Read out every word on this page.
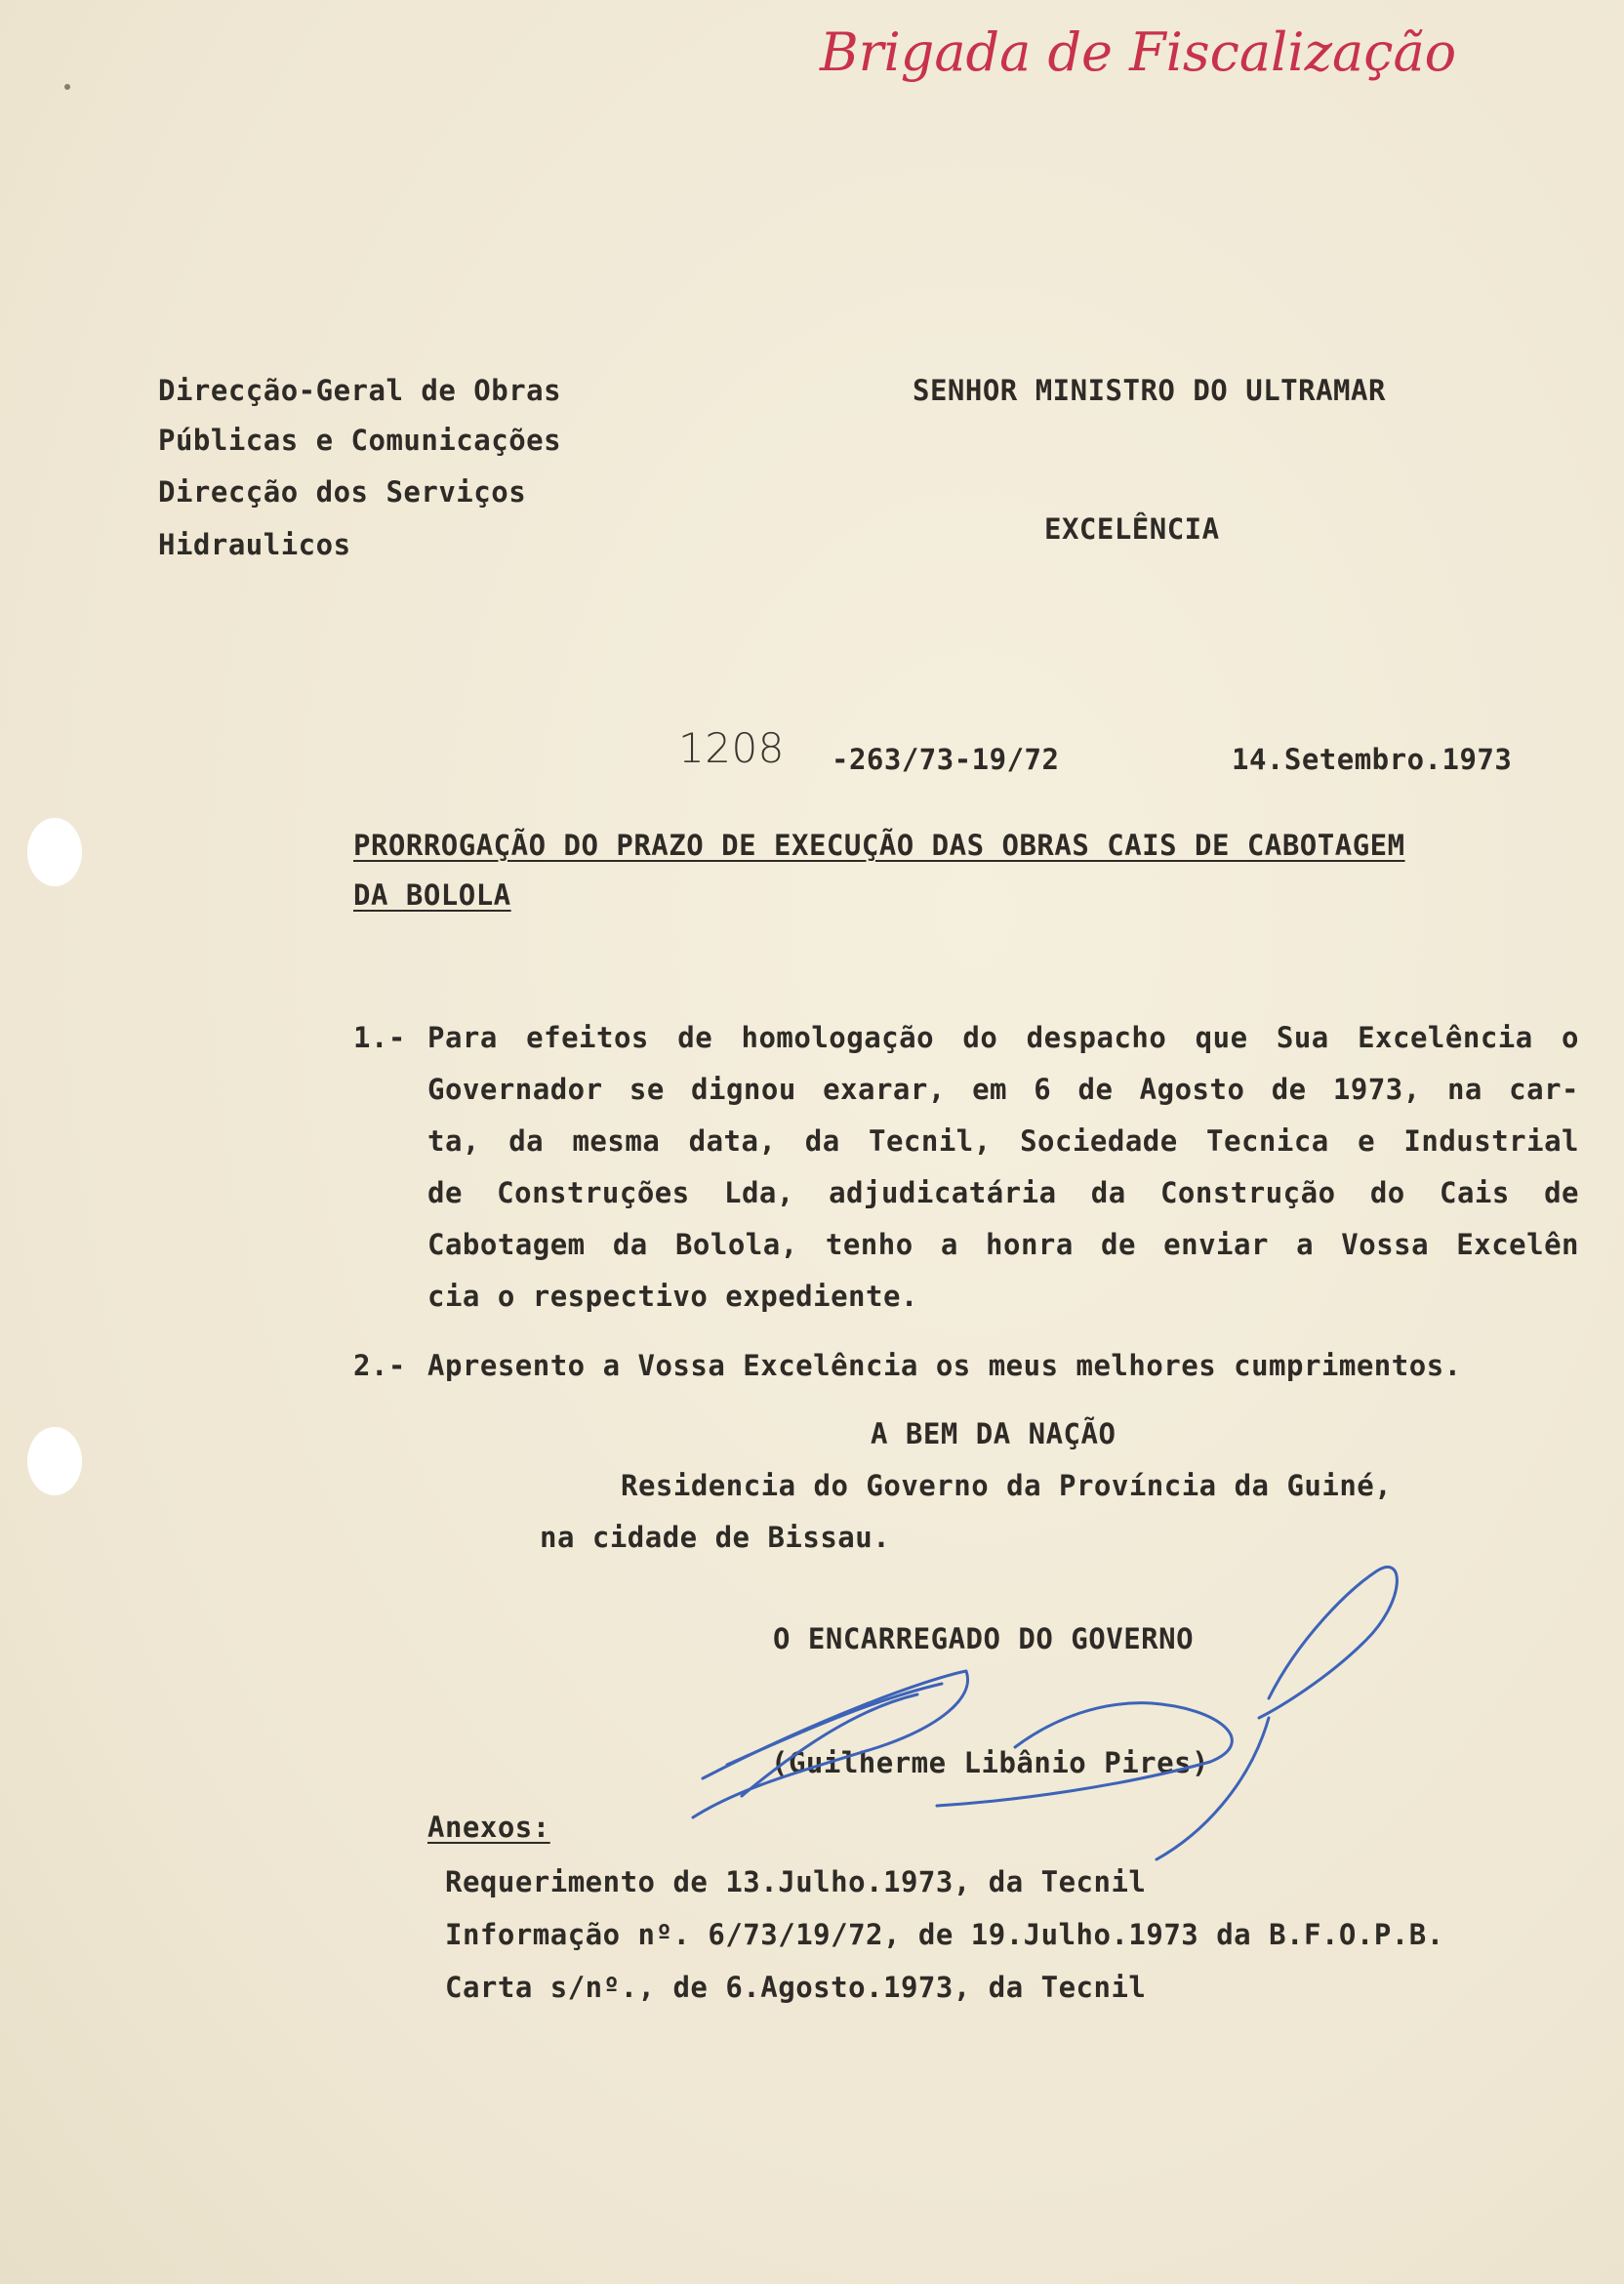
Brigada de Fiscalização
Direcção-Geral de Obras
Públicas e Comunicações
Direcção dos Serviços
Hidraulicos
SENHOR MINISTRO DO ULTRAMAR
EXCELÊNCIA
1208 -263/73-19/72	14.Setembro.1973
PRORROGAÇÃO DO PRAZO DE EXECUÇÃO DAS OBRAS CAIS DE CABOTAGEM
DA BOLOLA
1.- Para efeitos de homologação do despacho que Sua Excelência o
Governador se dignou exarar, em 6 de Agosto de 1973, na car-
ta, da mesma data, da Tecnil, Sociedade Tecnica e Industrial
de Construções Lda, adjudicatária da Construção do Cais de
Cabotagem da Bolola, tenho a honra de enviar a Vossa Excelên
cia o respectivo expediente.
2.- Apresento a Vossa Excelência os meus melhores cumprimentos.
A BEM DA NAÇÃO
Residencia do Governo da Província da Guiné,
na cidade de Bissau.
O ENCARREGADO DO GOVERNO
(Guilherme Libânio Pires)
Anexos:
Requerimento de 13.Julho.1973, da Tecnil
Informação nº. 6/73/19/72, de 19.Julho.1973 da B.F.O.P.B.
Carta s/nº., de 6.Agosto.1973, da Tecnil
